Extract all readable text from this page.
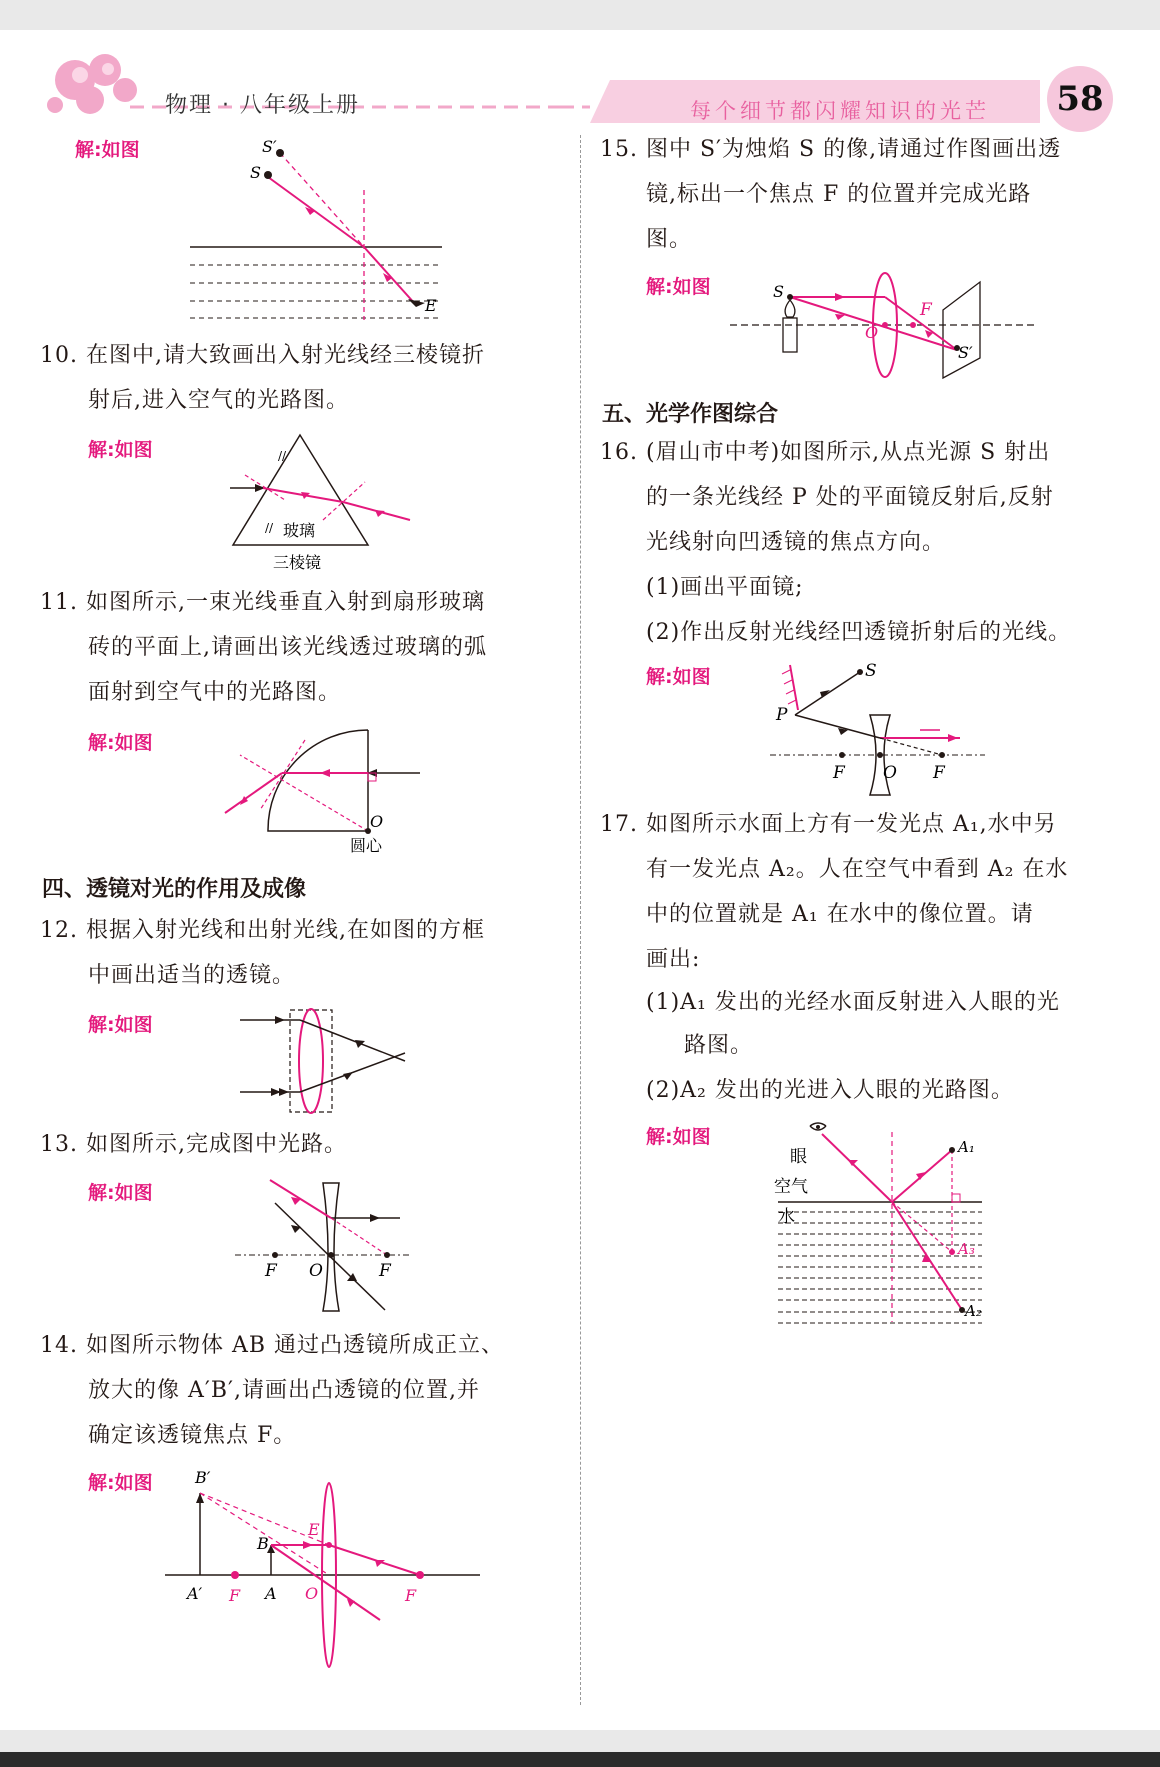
物理 · 八年级上册	每个细节都闪耀知识的光芒 58
解:如图	S′
S
E
10. 在图中,请大致画出入射光线经三棱镜折
射后,进入空气的光路图。
解:如图	//
// 玻璃
三棱镜
11. 如图所示,一束光线垂直入射到扇形玻璃
砖的平面上,请画出该光线透过玻璃的弧
面射到空气中的光路图。
解:如图
O
圆心
四、透镜对光的作用及成像
12. 根据入射光线和出射光线,在如图的方框
中画出适当的透镜。
解:如图
13. 如图所示,完成图中光路。
解:如图
F O	F
14. 如图所示物体 AB 通过凸透镜所成正立、
放大的像 A′B′,请画出凸透镜的位置,并
确定该透镜焦点 F。
解:如图	B′
B
E
A′ F A O	F
15. 图中 S′为烛焰 S 的像,请通过作图画出透
镜,标出一个焦点 F 的位置并完成光路
图。
解:如图	S
F
O
S′
五、光学作图综合
16. (眉山市中考)如图所示,从点光源 S 射出
的一条光线经 P 处的平面镜反射后,反射
光线射向凹透镜的焦点方向。
(1)画出平面镜;
(2)作出反射光线经凹透镜折射后的光线。
解:如图	S
P
F O F
17. 如图所示水面上方有一发光点 A₁,水中另
有一发光点 A₂。人在空气中看到 A₂ 在水
中的位置就是 A₁ 在水中的像位置。请
画出:
(1)A₁ 发出的光经水面反射进入人眼的光
路图。
(2)A₂ 发出的光进入人眼的光路图。
解:如图
眼
空气
水
A₁
A₃
A₂
